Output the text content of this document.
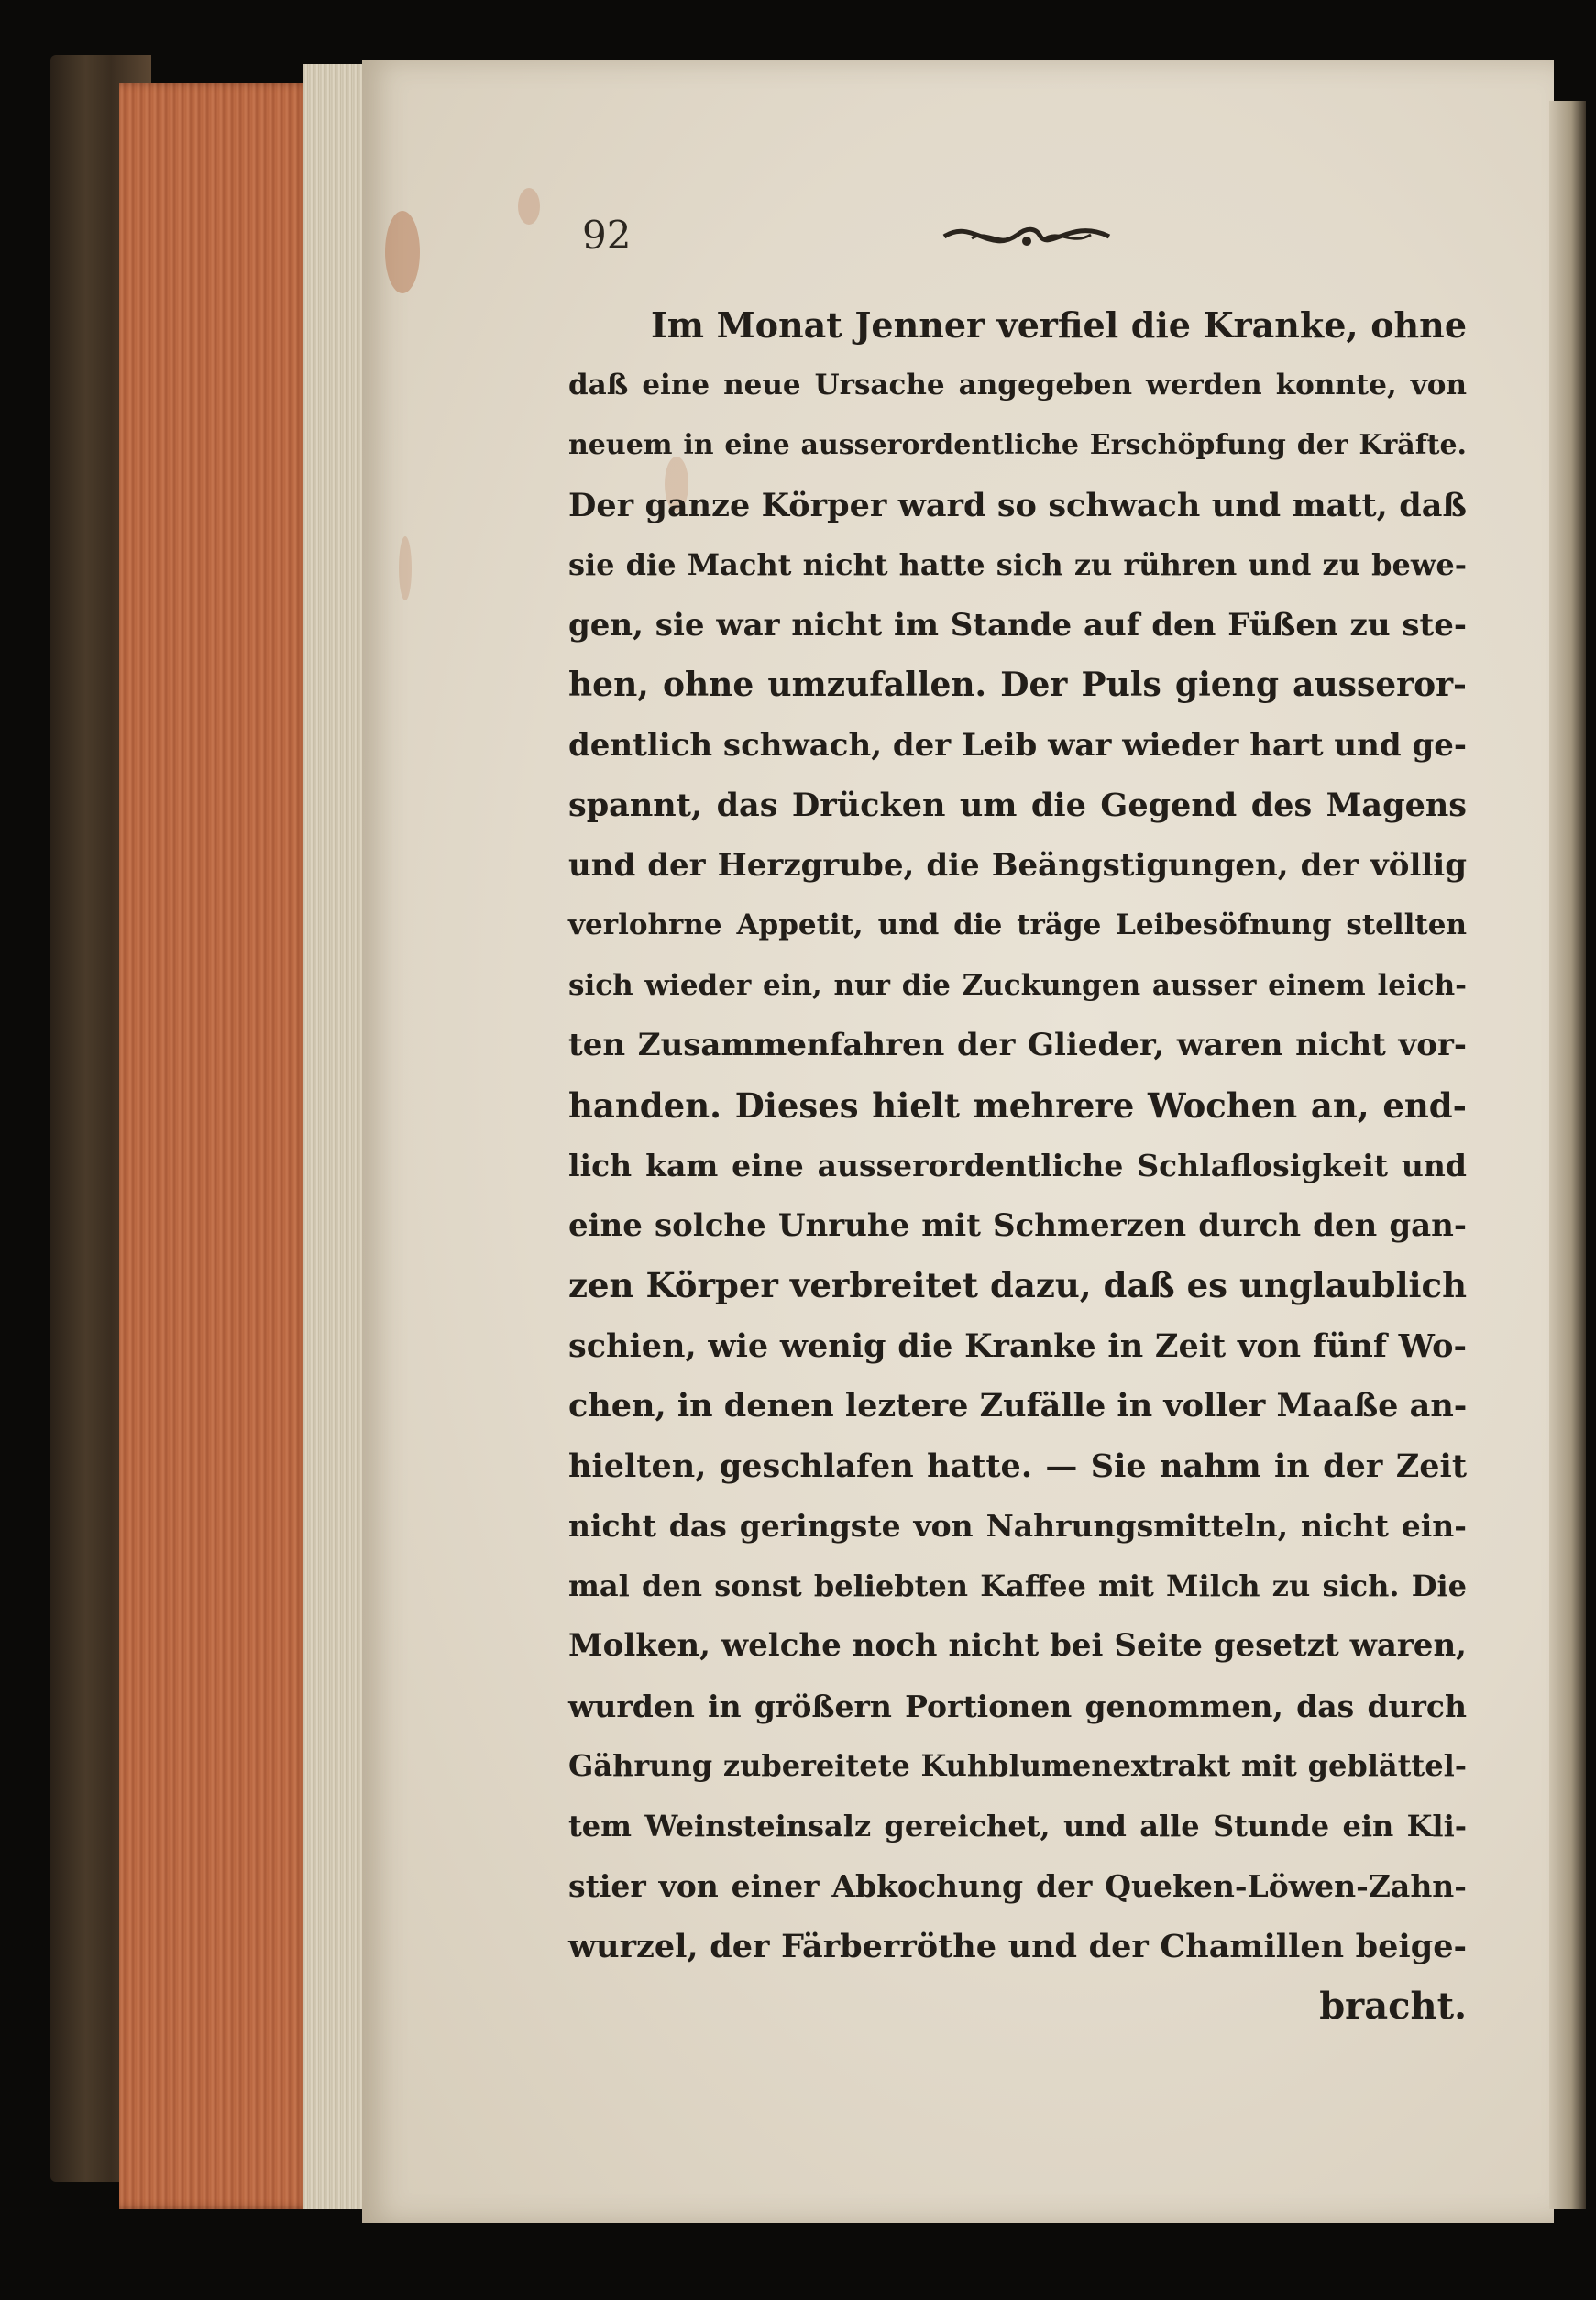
92
Im Monat Jenner verfiel die Kranke, ohne
daß eine neue Ursache angegeben werden konnte, von
neuem in eine ausserordentliche Erschöpfung der Kräfte.
Der ganze Körper ward so schwach und matt, daß
sie die Macht nicht hatte sich zu rühren und zu bewe-
gen, sie war nicht im Stande auf den Füßen zu ste-
hen, ohne umzufallen. Der Puls gieng ausseror-
dentlich schwach, der Leib war wieder hart und ge-
spannt, das Drücken um die Gegend des Magens
und der Herzgrube, die Beängstigungen, der völlig
verlohrne Appetit, und die träge Leibesöfnung stellten
sich wieder ein, nur die Zuckungen ausser einem leich-
ten Zusammenfahren der Glieder, waren nicht vor-
handen. Dieses hielt mehrere Wochen an, end-
lich kam eine ausserordentliche Schlaflosigkeit und
eine solche Unruhe mit Schmerzen durch den gan-
zen Körper verbreitet dazu, daß es unglaublich
schien, wie wenig die Kranke in Zeit von fünf Wo-
chen, in denen leztere Zufälle in voller Maaße an-
hielten, geschlafen hatte. — Sie nahm in der Zeit
nicht das geringste von Nahrungsmitteln, nicht ein-
mal den sonst beliebten Kaffee mit Milch zu sich. Die
Molken, welche noch nicht bei Seite gesetzt waren,
wurden in größern Portionen genommen, das durch
Gährung zubereitete Kuhblumenextrakt mit geblättel-
tem Weinsteinsalz gereichet, und alle Stunde ein Kli-
stier von einer Abkochung der Queken-Löwen-Zahn-
wurzel, der Färberröthe und der Chamillen beige-
bracht.
